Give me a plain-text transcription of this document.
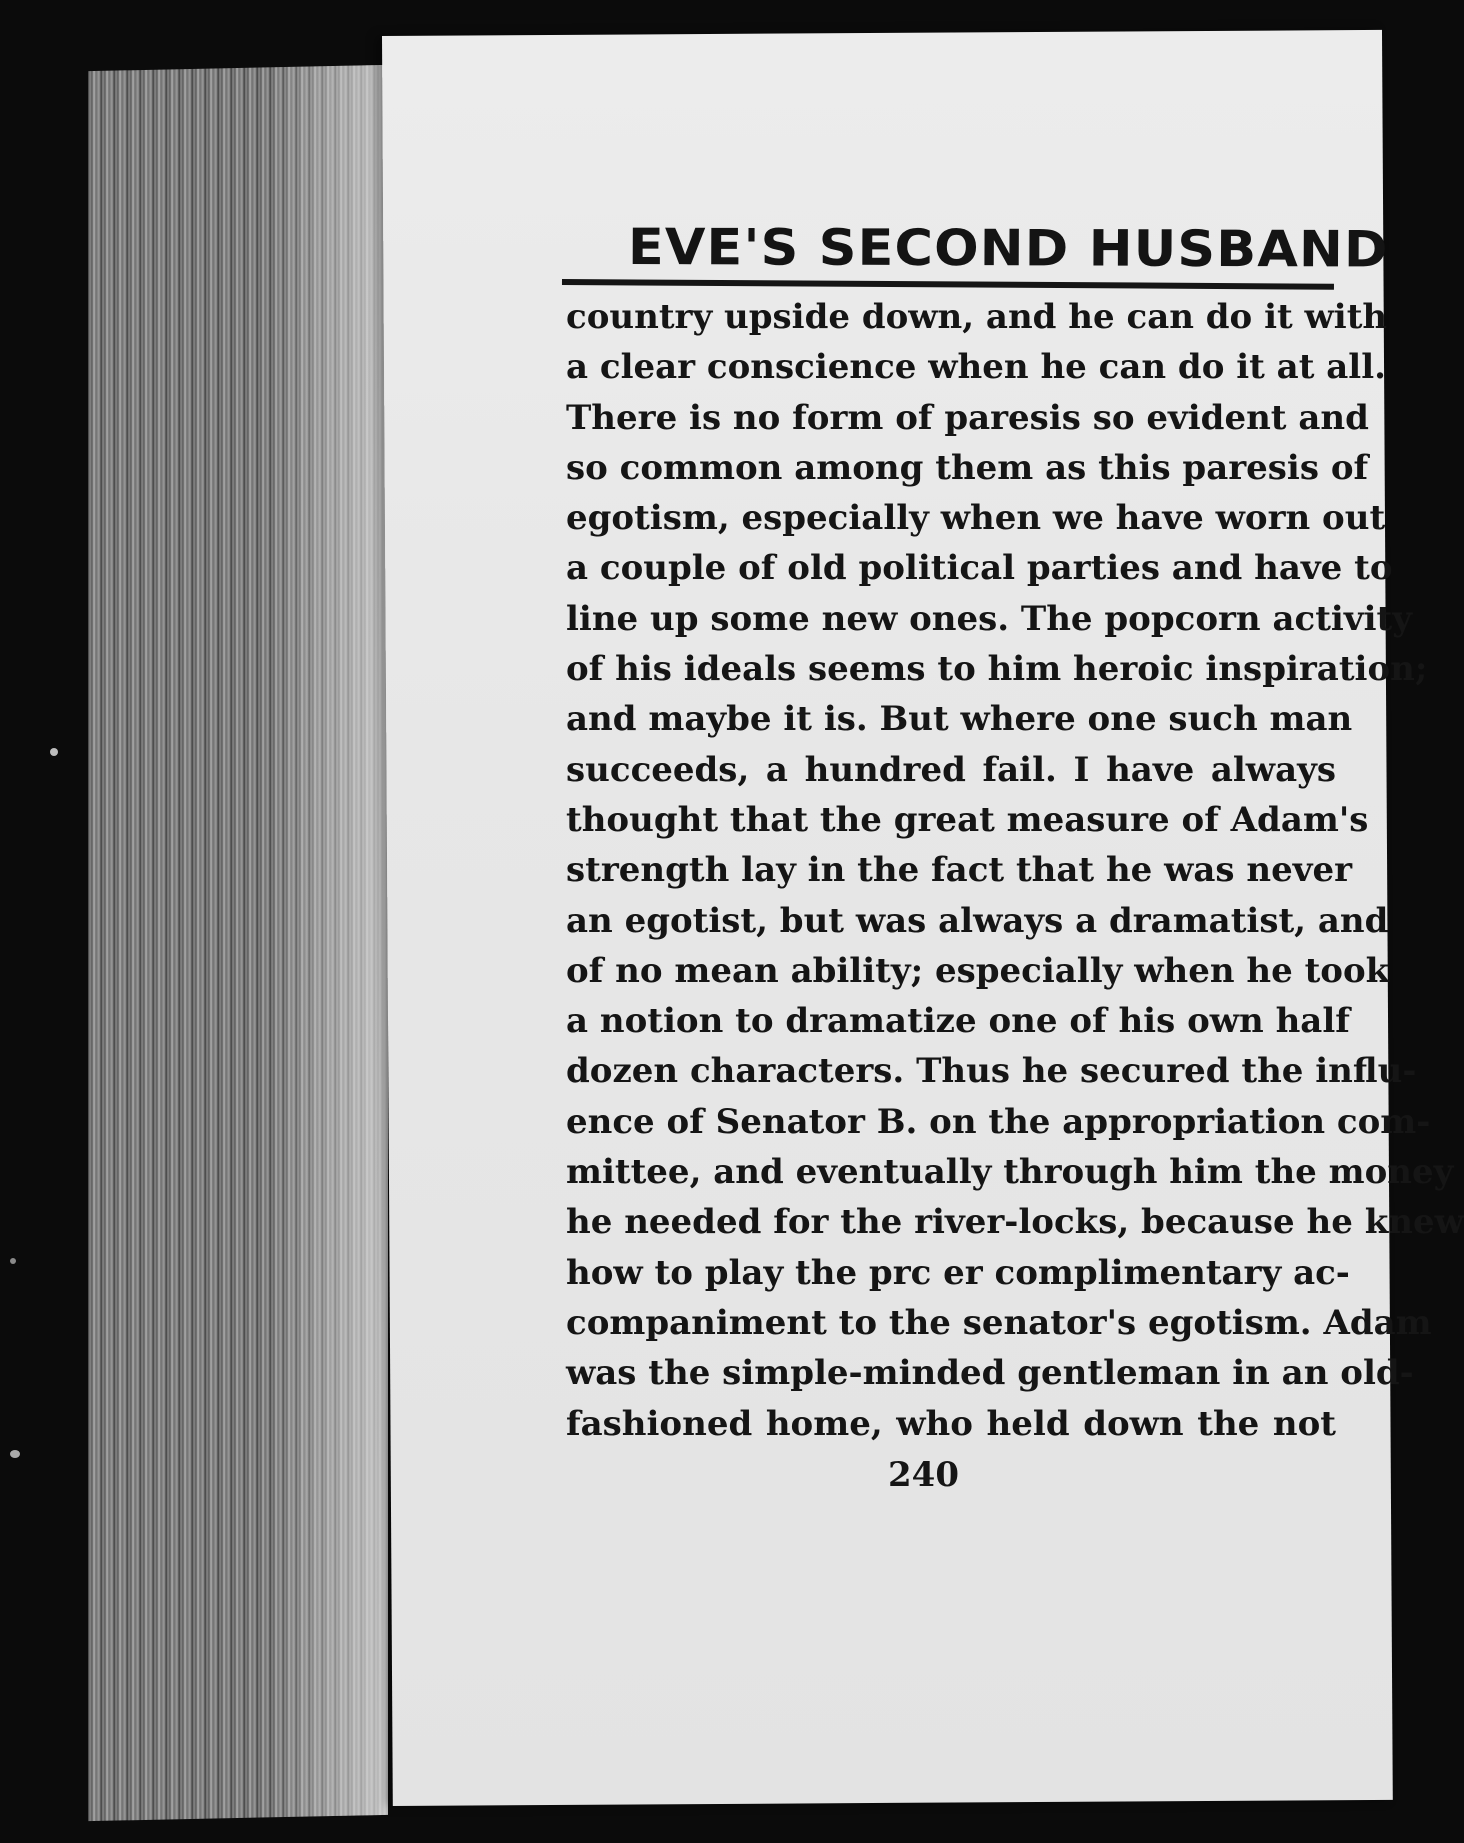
EVE'S SECOND HUSBAND
country upside down, and he can do it with
a clear conscience when he can do it at all.
There is no form of paresis so evident and
so common among them as this paresis of
egotism, especially when we have worn out
a couple of old political parties and have to
line up some new ones. The popcorn activity
of his ideals seems to him heroic inspiration;
and maybe it is. But where one such man
succeeds, a hundred fail. I have always
thought that the great measure of Adam's
strength lay in the fact that he was never
an egotist, but was always a dramatist, and
of no mean ability; especially when he took
a notion to dramatize one of his own half
dozen characters. Thus he secured the influ-
ence of Senator B. on the appropriation com-
mittee, and eventually through him the money
he needed for the river-locks, because he knew
how to play the prc er complimentary ac-
companiment to the senator's egotism. Adam
was the simple-minded gentleman in an old-
fashioned home, who held down the not
240
